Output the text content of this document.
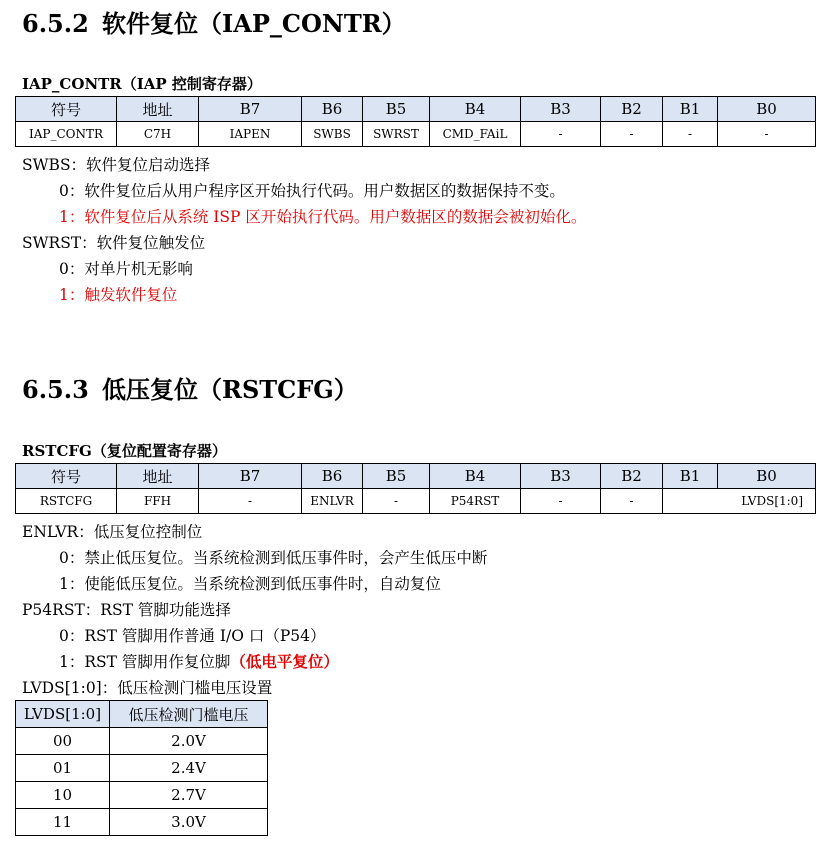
6.5.2 软件复位（IAP_CONTR）
IAP_CONTR（IAP 控制寄存器）
符号	地址	B7	B6	B5	B4	B3	B2	B1	B0
IAP_CONTR	C7H	IAPEN	SWBS	SWRST	CMD_FAiL	-	-	-	-
SWBS：软件复位启动选择
0：软件复位后从用户程序区开始执行代码。用户数据区的数据保持不变。
1：软件复位后从系统 ISP 区开始执行代码。用户数据区的数据会被初始化。
SWRST：软件复位触发位
0：对单片机无影响
1：触发软件复位
6.5.3 低压复位（RSTCFG）
RSTCFG（复位配置寄存器）
符号	地址	B7	B6	B5	B4	B3	B2	B1	B0
RSTCFG	FFH	-	ENLVR	-	P54RST	-	-	LVDS[1:0]	
ENLVR：低压复位控制位
0：禁止低压复位。当系统检测到低压事件时，会产生低压中断
1：使能低压复位。当系统检测到低压事件时，自动复位
P54RST：RST 管脚功能选择
0：RST 管脚用作普通 I/O 口（P54）
1：RST 管脚用作复位脚（低电平复位）
LVDS[1:0]：低压检测门槛电压设置
LVDS[1:0]	低压检测门槛电压
00	2.0V
01	2.4V
10	2.7V
11	3.0V
